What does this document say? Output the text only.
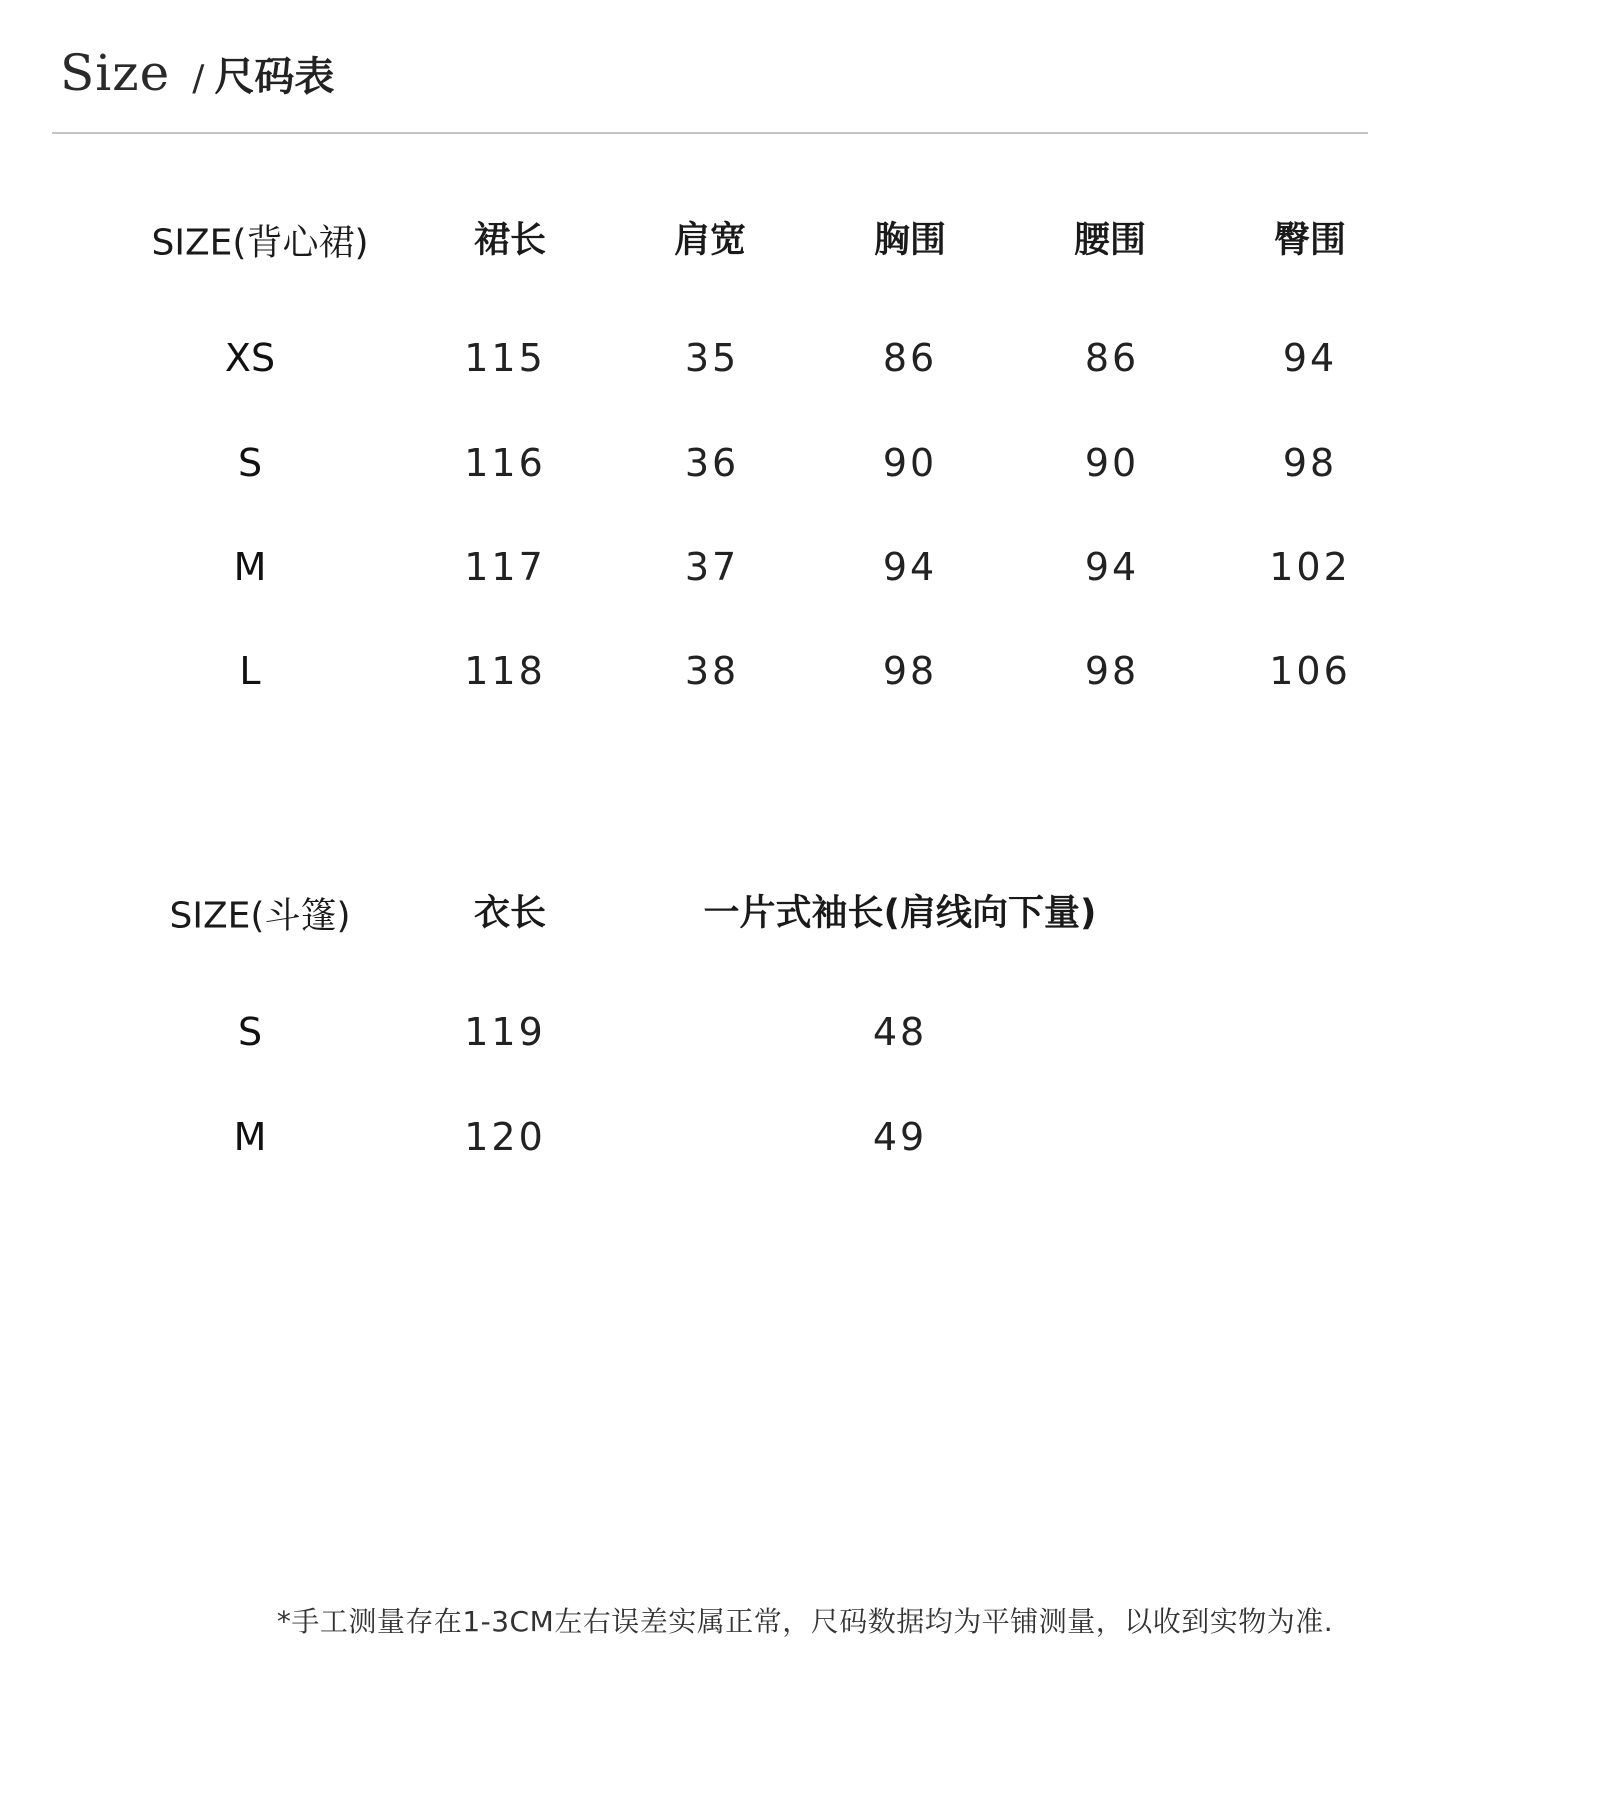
Size / 尺码表
SIZE(背心裙)	裙长	肩宽	胸围	腰围	臀围
XS	115	35	86	86	94
S	116	36	90	90	98
M	117	37	94	94	102
L	118	38	98	98	106
SIZE(斗篷)	衣长	一片式袖长(肩线向下量)
S	119	48
M	120	49
*手工测量存在1-3CM左右误差实属正常，尺码数据均为平铺测量，以收到实物为准.
